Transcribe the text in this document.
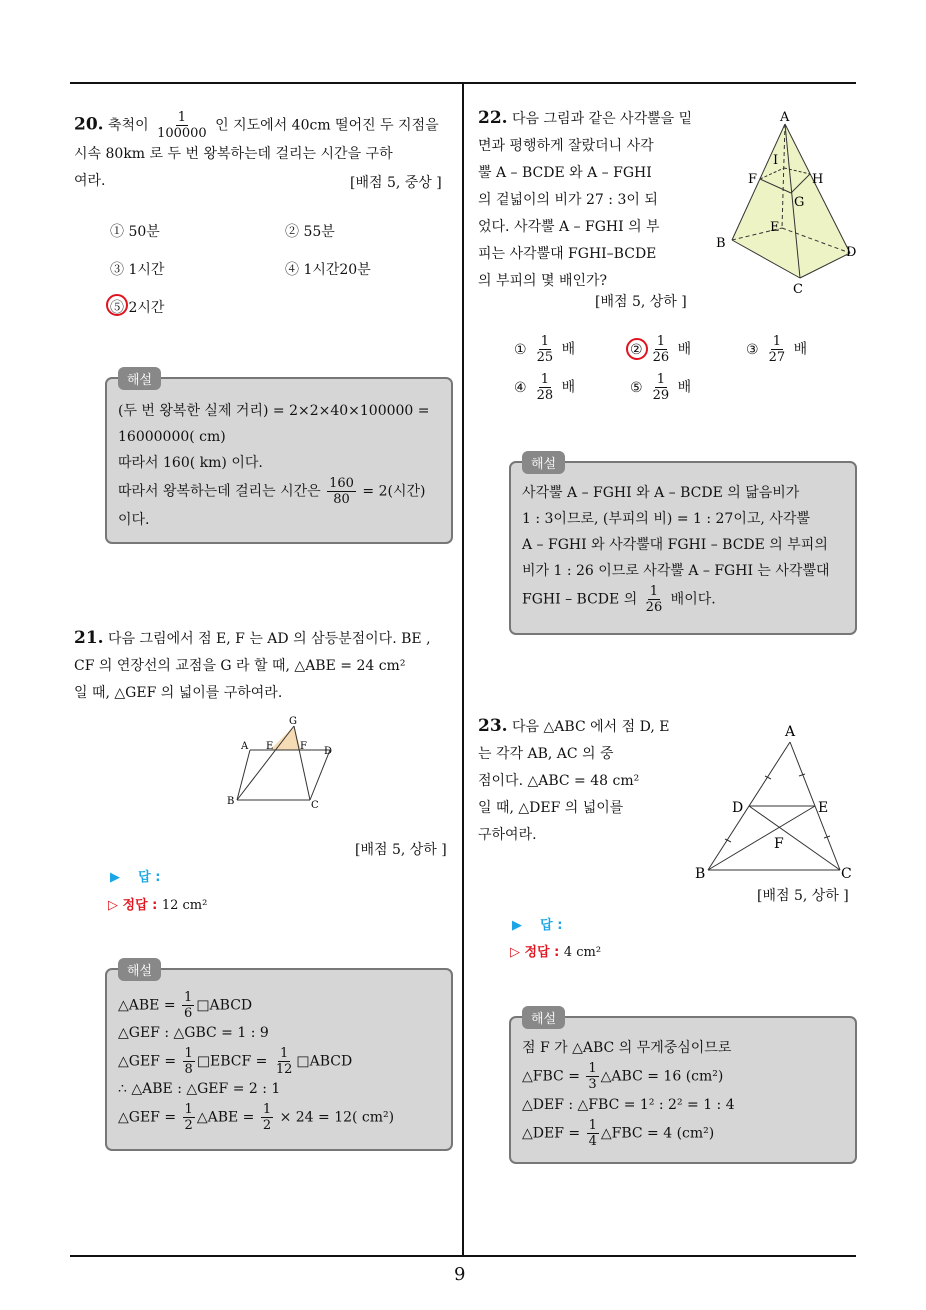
9
20. 축척이 $\frac{1}{100000}$ 인 지도에서 40cm 떨어진 두 지점을
시속 80km 로 두 번 왕복하는데 걸리는 시간을 구하
여라.	[배점 5, 중상 ]
① 50분	② 55분
③ 1시간	④ 1시간20분
⑤ 2시간
해설
(두 번 왕복한 실제 거리) = 2×2×40×100000 =
16000000( cm)
따라서 160( km) 이다.
따라서 왕복하는데 걸리는 시간은 $\frac{160}{80} = 2$(시간)
이다.
21. 다음 그림에서 점 E, F 는 AD 의 삼등분점이다. BE ,
CF 의 연장선의 교점을 G 라 할 때, △ABE = 24 cm²
일 때, △GEF 의 넓이를 구하여라.
A E	F D
G
B	C
[배점 5, 상하 ]
▶ 답 :
▷ 정답 : 12 cm²
해설
△ABE = $\frac{1}{6}$ □ABCD
△GEF : △GBC = 1 : 9
△GEF = $\frac{1}{8}$ □EBCF = $\frac{1}{12}$ □ABCD
∴ △ABE : △GEF = 2 : 1
△GEF = $\frac{1}{2}$ △ABE = $\frac{1}{2} \times 24 = 12$( cm²)
22. 다음 그림과 같은 사각뿔을 밑
면과 평행하게 잘랐더니 사각
뿔 A – BCDE 와 A – FGHI
의 겉넓이의 비가 27 : 3이 되
었다. 사각뿔 A – FGHI 의 부
피는 사각뿔대 FGHI–BCDE
의 부피의 몇 배인가?
[배점 5, 상하 ]
A
F
I
H
G
E
B
D
C
① $\frac{1}{25}$ 배	② $\frac{1}{26}$ 배	③ $\frac{1}{27}$ 배
④ $\frac{1}{28}$ 배	⑤ $\frac{1}{29}$ 배
해설
사각뿔 A – FGHI 와 A – BCDE 의 닮음비가
1 : 3이므로, (부피의 비) = 1 : 27이고, 사각뿔
A – FGHI 와 사각뿔대 FGHI – BCDE 의 부피의
비가 1 : 26 이므로 사각뿔 A – FGHI 는 사각뿔대
FGHI – BCDE 의 $\frac{1}{26}$ 배이다.
23. 다음 △ABC 에서 점 D, E
는 각각 AB, AC 의 중
점이다. △ABC = 48 cm²
일 때, △DEF 의 넓이를
구하여라.
A
D	E
F
B	C
[배점 5, 상하 ]
▶ 답 :
▷ 정답 : 4 cm²
해설
점 F 가 △ABC 의 무게중심이므로
△FBC = $\frac{1}{3}$ △ABC = 16 (cm²)
△DEF : △FBC = 1² : 2² = 1 : 4
△DEF = $\frac{1}{4}$ △FBC = 4 (cm²)
